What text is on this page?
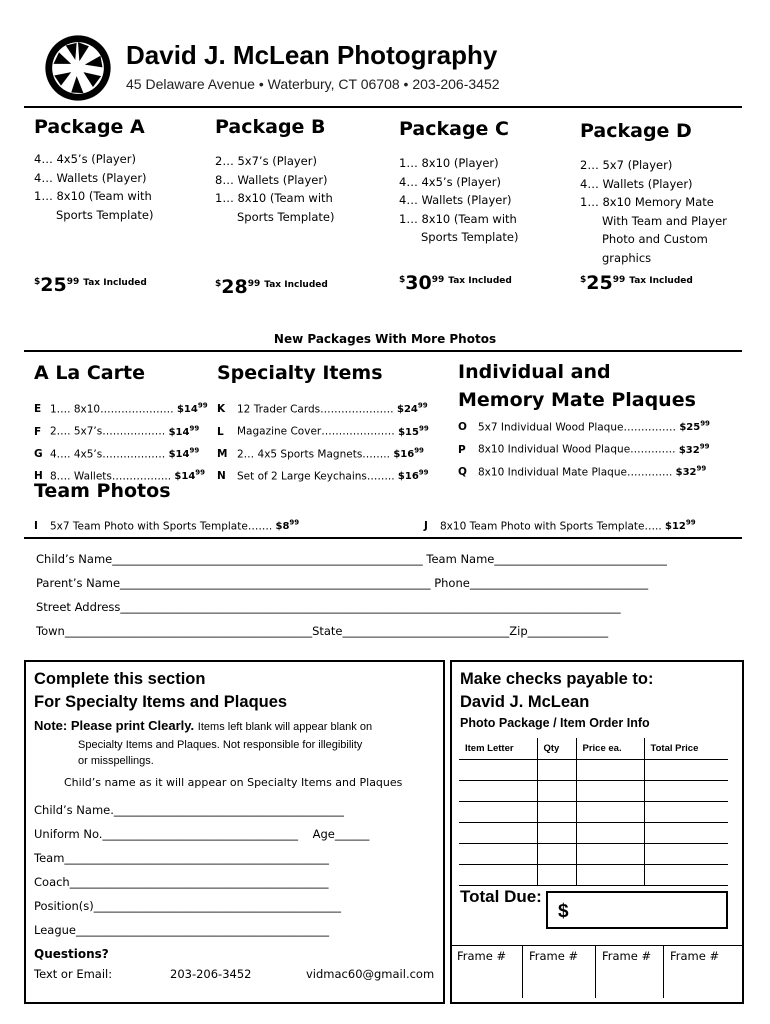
David J. McLean Photography
45 Delaware Avenue • Waterbury, CT 06708 • 203-206-3452
Package A
4… 4x5’s (Player)
4… Wallets (Player)
1… 8x10 (Team with
Sports Template)
Package B
2… 5x7’s (Player)
8… Wallets (Player)
1… 8x10 (Team with
Sports Template)
Package C
1… 8x10 (Player)
4… 4x5’s (Player)
4… Wallets (Player)
1… 8x10 (Team with
Sports Template)
Package D
2… 5x7 (Player)
4… Wallets (Player)
1… 8x10 Memory Mate
With Team and Player
Photo and Custom
graphics
$^{\$}25^{99}$ $^{Tax Included}$	$^{\$}28^{99}$ $^{Tax Included}$	$^{\$}30^{99}$ $^{Tax Included}$	$^{\$}25^{99}$ $^{Tax Included}$
New Packages With More Photos
A La Carte
E 1…. 8x10………………… $\$14^{99}$
F 2…. 5x7’s……………… $\$14^{99}$
G 4…. 4x5’s……………… $\$14^{99}$
H 8…. Wallets…………….. $\$14^{99}$
Specialty Items
K 12 Trader Cards………………… $\$24^{99}$
L Magazine Cover………………… $\$15^{99}$
M 2… 4x5 Sports Magnets…….. $\$16^{99}$
N Set of 2 Large Keychains…….. $\$16^{99}$
Individual and
Memory Mate Plaques
O 5x7 Individual Wood Plaque…………… $\$25^{99}$
P 8x10 Individual Wood Plaque…………. $\$32^{99}$
Q 8x10 Individual Mate Plaque…………. $\$32^{99}$
Team Photos
I 5x7 Team Photo with Sports Template……. $\$8^{99}$	J 8x10 Team Photo with Sports Template….. $\$12^{99}$
Child’s Name______________________________________________________ Team Name______________________________
Parent’s Name______________________________________________________ Phone_______________________________
Street Address_______________________________________________________________________________________
Town___________________________________________State_____________________________Zip______________
Complete this section
For Specialty Items and Plaques
Note: Please print Clearly. Items left blank will appear blank on
Specialty Items and Plaques. Not responsible for illegibility
or misspellings.
Child’s name as it will appear on Specialty Items and Plaques
Child’s Name.________________________________________
Uniform No.__________________________________    Age______
Team______________________________________________
Coach_____________________________________________
Position(s)___________________________________________
League____________________________________________
Questions?
Text or Email:	203-206-3452	vidmac60@gmail.com
Make checks payable to:
David J. McLean
Photo Package / Item Order Info
Item Letter	Qty	Price ea.	Total Price

Total Due:
$
Frame #	Frame #	Frame #	Frame #
